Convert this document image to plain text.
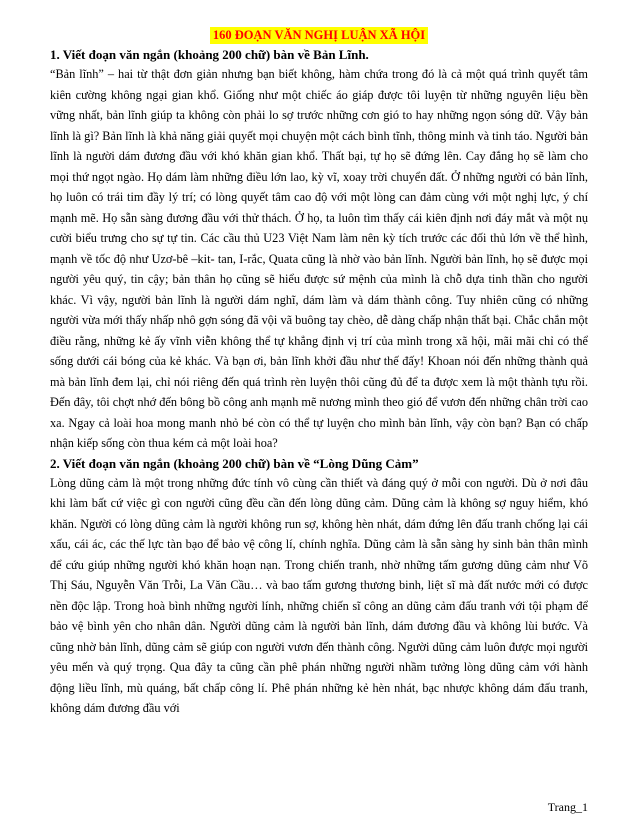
160 ĐOẠN VĂN NGHỊ LUẬN XÃ HỘI

1. Viết đoạn văn ngắn (khoảng 200 chữ) bàn về Bản Lĩnh.

“Bản lĩnh” – hai từ thật đơn giản nhưng bạn biết không, hàm chứa trong đó là cả một quá trình quyết tâm kiên cường không ngại gian khổ. Giống như một chiếc áo giáp được tôi luyện từ những nguyên liệu bền vững nhất, bản lĩnh giúp ta không còn phải lo sợ trước những cơn gió to hay những ngọn sóng dữ. Vậy bản lĩnh là gì? Bản lĩnh là khả năng giải quyết mọi chuyện một cách bình tĩnh, thông minh và tinh táo. Người bản lĩnh là người dám đương đầu với khó khăn gian khổ. Thất bại, tự họ sẽ đứng lên. Cay đắng họ sẽ làm cho mọi thứ ngọt ngào. Họ dám làm những điều lớn lao, kỳ vĩ, xoay trời chuyển đất. Ở những người có bản lĩnh, họ luôn có trái tim đầy lý trí; có lòng quyết tâm cao độ với một lòng can đảm cùng với một nghị lực, ý chí mạnh mẽ. Họ sẵn sàng đương đầu với thử thách. Ở họ, ta luôn tìm thấy cái kiên định nơi đáy mắt và một nụ cười biểu trưng cho sự tự tin. Các cầu thủ U23 Việt Nam làm nên kỳ tích trước các đối thủ lớn về thể hình, mạnh về tốc độ như Uzơ-bê –kit- tan, I-rắc, Quata cũng là nhờ vào bản lĩnh. Người bản lĩnh, họ sẽ được mọi người yêu quý, tin cậy; bản thân họ cũng sẽ hiểu được sứ mệnh của mình là chỗ dựa tinh thần cho người khác. Vì vậy, người bản lĩnh là người dám nghĩ, dám làm và dám thành công. Tuy nhiên cũng có những người vừa mới thấy nhấp nhô gợn sóng đã vội vã buông tay chèo, dễ dàng chấp nhận thất bại. Chắc chắn một điều rằng, những kẻ ấy vĩnh viễn không thể tự khẳng định vị trí của mình trong xã hội, mãi mãi chỉ có thể sống dưới cái bóng của kẻ khác. Và bạn ơi, bản lĩnh khởi đầu như thế đấy! Khoan nói đến những thành quả mà bản lĩnh đem lại, chỉ nói riêng đến quá trình rèn luyện thôi cũng đủ để ta được xem là một thành tựu rồi. Đến đây, tôi chợt nhớ đến bông bồ công anh mạnh mẽ nương mình theo gió để vươn đến những chân trời cao xa. Ngay cả loài hoa mong manh nhỏ bé còn có thể tự luyện cho mình bản lĩnh, vậy còn bạn? Bạn có chấp nhận kiếp sống còn thua kém cả một loài hoa?

2. Viết đoạn văn ngắn (khoảng 200 chữ) bàn về “Lòng Dũng Cảm”

Lòng dũng cảm là một trong những đức tính vô cùng cần thiết và đáng quý ở mỗi con người. Dù ở nơi đâu khi làm bất cứ việc gì con người cũng đều cần đến lòng dũng cảm. Dũng cảm là không sợ nguy hiểm, khó khăn. Người có lòng dũng cảm là người không run sợ, không hèn nhát, dám đứng lên đấu tranh chống lại cái xấu, cái ác, các thế lực tàn bạo để bảo vệ công lí, chính nghĩa. Dũng cảm là sẵn sàng hy sinh bản thân mình để cứu giúp những người khó khăn hoạn nạn. Trong chiến tranh, nhờ những tấm gương dũng cảm như Võ Thị Sáu, Nguyễn Văn Trỗi, La Văn Cầu… và bao tấm gương thương binh, liệt sĩ mà đất nước mới có được nền độc lập. Trong hoà bình những người lính, những chiến sĩ công an dũng cảm đấu tranh với tội phạm để bảo vệ bình yên cho nhân dân. Người dũng cảm là người bản lĩnh, dám đương đầu và không lùi bước. Và cũng nhờ bản lĩnh, dũng cảm sẽ giúp con người vươn đến thành công. Người dũng cảm luôn được mọi người yêu mến và quý trọng. Qua đây ta cũng cần phê phán những người nhầm tưởng lòng dũng cảm với hành động liều lĩnh, mù quáng, bất chấp công lí. Phê phán những kẻ hèn nhát, bạc nhược không dám đấu tranh, không dám đương đầu với

Trang_1
